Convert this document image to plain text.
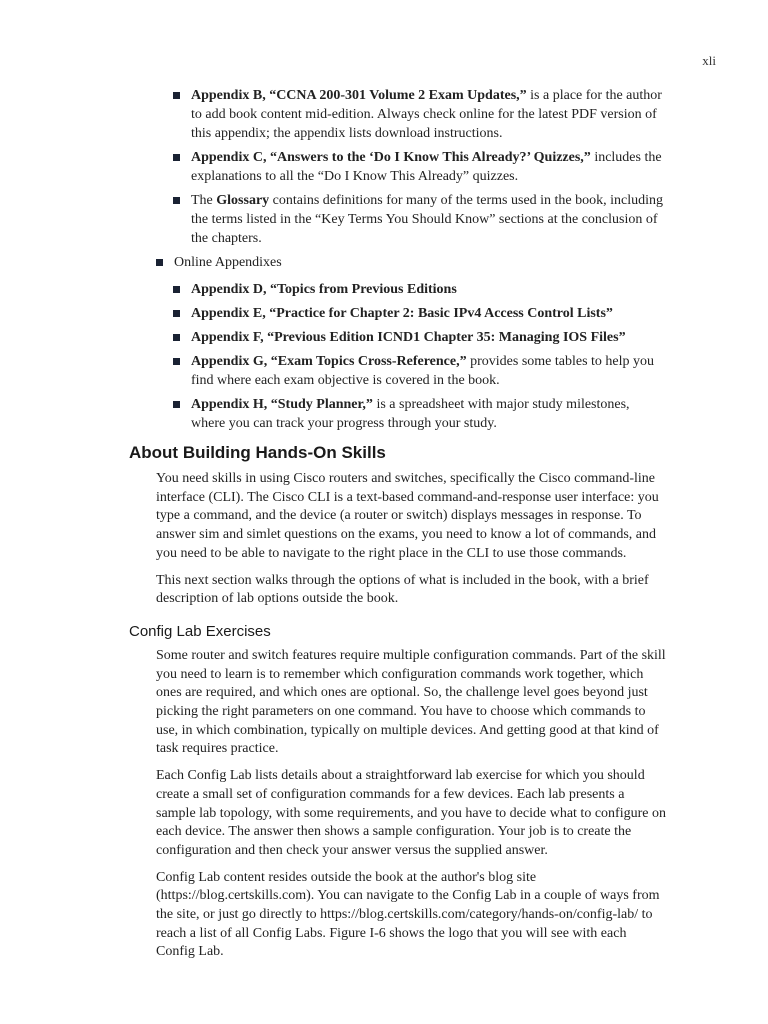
xli
Appendix B, “CCNA 200-301 Volume 2 Exam Updates,” is a place for the author to add book content mid-edition. Always check online for the latest PDF version of this appendix; the appendix lists download instructions.
Appendix C, “Answers to the ‘Do I Know This Already?’ Quizzes,” includes the explanations to all the “Do I Know This Already” quizzes.
The Glossary contains definitions for many of the terms used in the book, including the terms listed in the “Key Terms You Should Know” sections at the conclusion of the chapters.
Online Appendixes
Appendix D, “Topics from Previous Editions
Appendix E, “Practice for Chapter 2: Basic IPv4 Access Control Lists”
Appendix F, “Previous Edition ICND1 Chapter 35: Managing IOS Files”
Appendix G, “Exam Topics Cross-Reference,” provides some tables to help you find where each exam objective is covered in the book.
Appendix H, “Study Planner,” is a spreadsheet with major study milestones, where you can track your progress through your study.
About Building Hands-On Skills

You need skills in using Cisco routers and switches, specifically the Cisco command-line interface (CLI). The Cisco CLI is a text-based command-and-response user interface: you type a command, and the device (a router or switch) displays messages in response. To answer sim and simlet questions on the exams, you need to know a lot of commands, and you need to be able to navigate to the right place in the CLI to use those commands.

This next section walks through the options of what is included in the book, with a brief description of lab options outside the book.

Config Lab Exercises

Some router and switch features require multiple configuration commands. Part of the skill you need to learn is to remember which configuration commands work together, which ones are required, and which ones are optional. So, the challenge level goes beyond just picking the right parameters on one command. You have to choose which commands to use, in which combination, typically on multiple devices. And getting good at that kind of task requires practice.

Each Config Lab lists details about a straightforward lab exercise for which you should create a small set of configuration commands for a few devices. Each lab presents a sample lab topology, with some requirements, and you have to decide what to configure on each device. The answer then shows a sample configuration. Your job is to create the configuration and then check your answer versus the supplied answer.

Config Lab content resides outside the book at the author's blog site (https://blog.certskills.com). You can navigate to the Config Lab in a couple of ways from the site, or just go directly to https://blog.certskills.com/category/hands-on/config-lab/ to reach a list of all Config Labs. Figure I-6 shows the logo that you will see with each Config Lab.
